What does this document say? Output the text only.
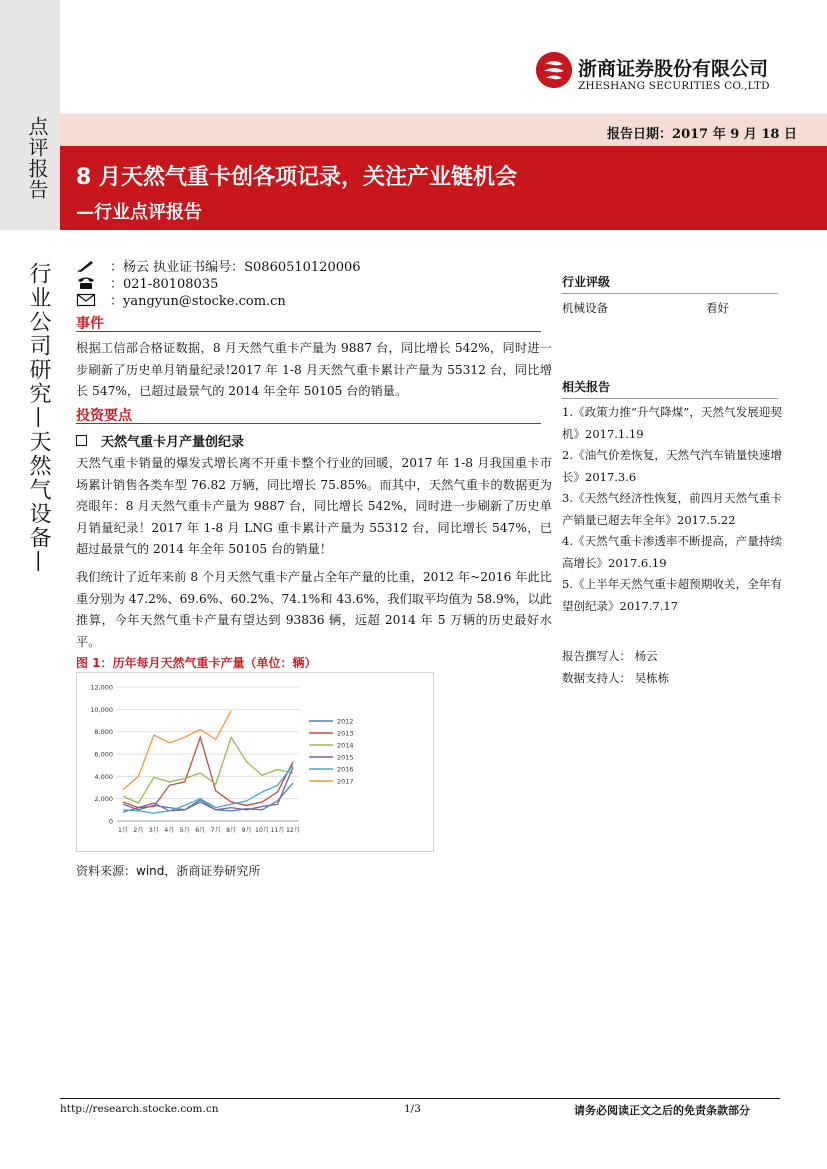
点评报告
行业公司研究—天然气设备—
浙商证券股份有限公司
ZHESHANG SECURITIES CO.,LTD
报告日期：2017 年 9 月 18 日
8 月天然气重卡创各项记录，关注产业链机会
—行业点评报告
：杨云 执业证书编号：S0860510120006
：021-80108035
：yangyun@stocke.com.cn
事件
根据工信部合格证数据，8 月天然气重卡产量为 9887 台，同比增长 542%，同时进一步刷新了历史单月销量纪录!2017 年 1-8 月天然气重卡累计产量为 55312 台，同比增长 547%，已超过最景气的 2014 年全年 50105 台的销量。
投资要点
天然气重卡月产量创纪录
天然气重卡销量的爆发式增长离不开重卡整个行业的回暖，2017 年 1-8 月我国重卡市场累计销售各类车型 76.82 万辆，同比增长 75.85%。而其中，天然气重卡的数据更为亮眼年：8 月天然气重卡产量为 9887 台，同比增长 542%，同时进一步刷新了历史单月销量纪录！2017 年 1-8 月 LNG 重卡累计产量为 55312 台，同比增长 547%，已超过最景气的 2014 年全年 50105 台的销量！
我们统计了近年来前 8 个月天然气重卡产量占全年产量的比重，2012 年~2016 年此比重分别为 47.2%、69.6%、60.2%、74.1%和 43.6%，我们取平均值为 58.9%，以此推算，今年天然气重卡产量有望达到 93836 辆，远超 2014 年 5 万辆的历史最好水平。
图 1：历年每月天然气重卡产量（单位：辆）
0
2,000
4,000
6,000
8,000
10,000
12,000
1月 2月 3月 4月 5月 6月 7月 8月 9月 10月 11月 12月
2012
2013
2014
2015
2016
2017
资料来源：wind，浙商证券研究所
行业评级
机械设备	看好
相关报告
1.《政策力推“升气降煤”，天然气发展迎契机》2017.1.19
2.《油气价差恢复，天然气汽车销量快速增长》2017.3.6
3.《天然气经济性恢复，前四月天然气重卡产销量已超去年全年》2017.5.22
4.《天然气重卡渗透率不断提高，产量持续高增长》2017.6.19
5.《上半年天然气重卡超预期收关，全年有望创纪录》2017.7.17
报告撰写人： 杨云
数据支持人： 吴栋栋
http://research.stocke.com.cn	1/3	请务必阅读正文之后的免责条款部分
